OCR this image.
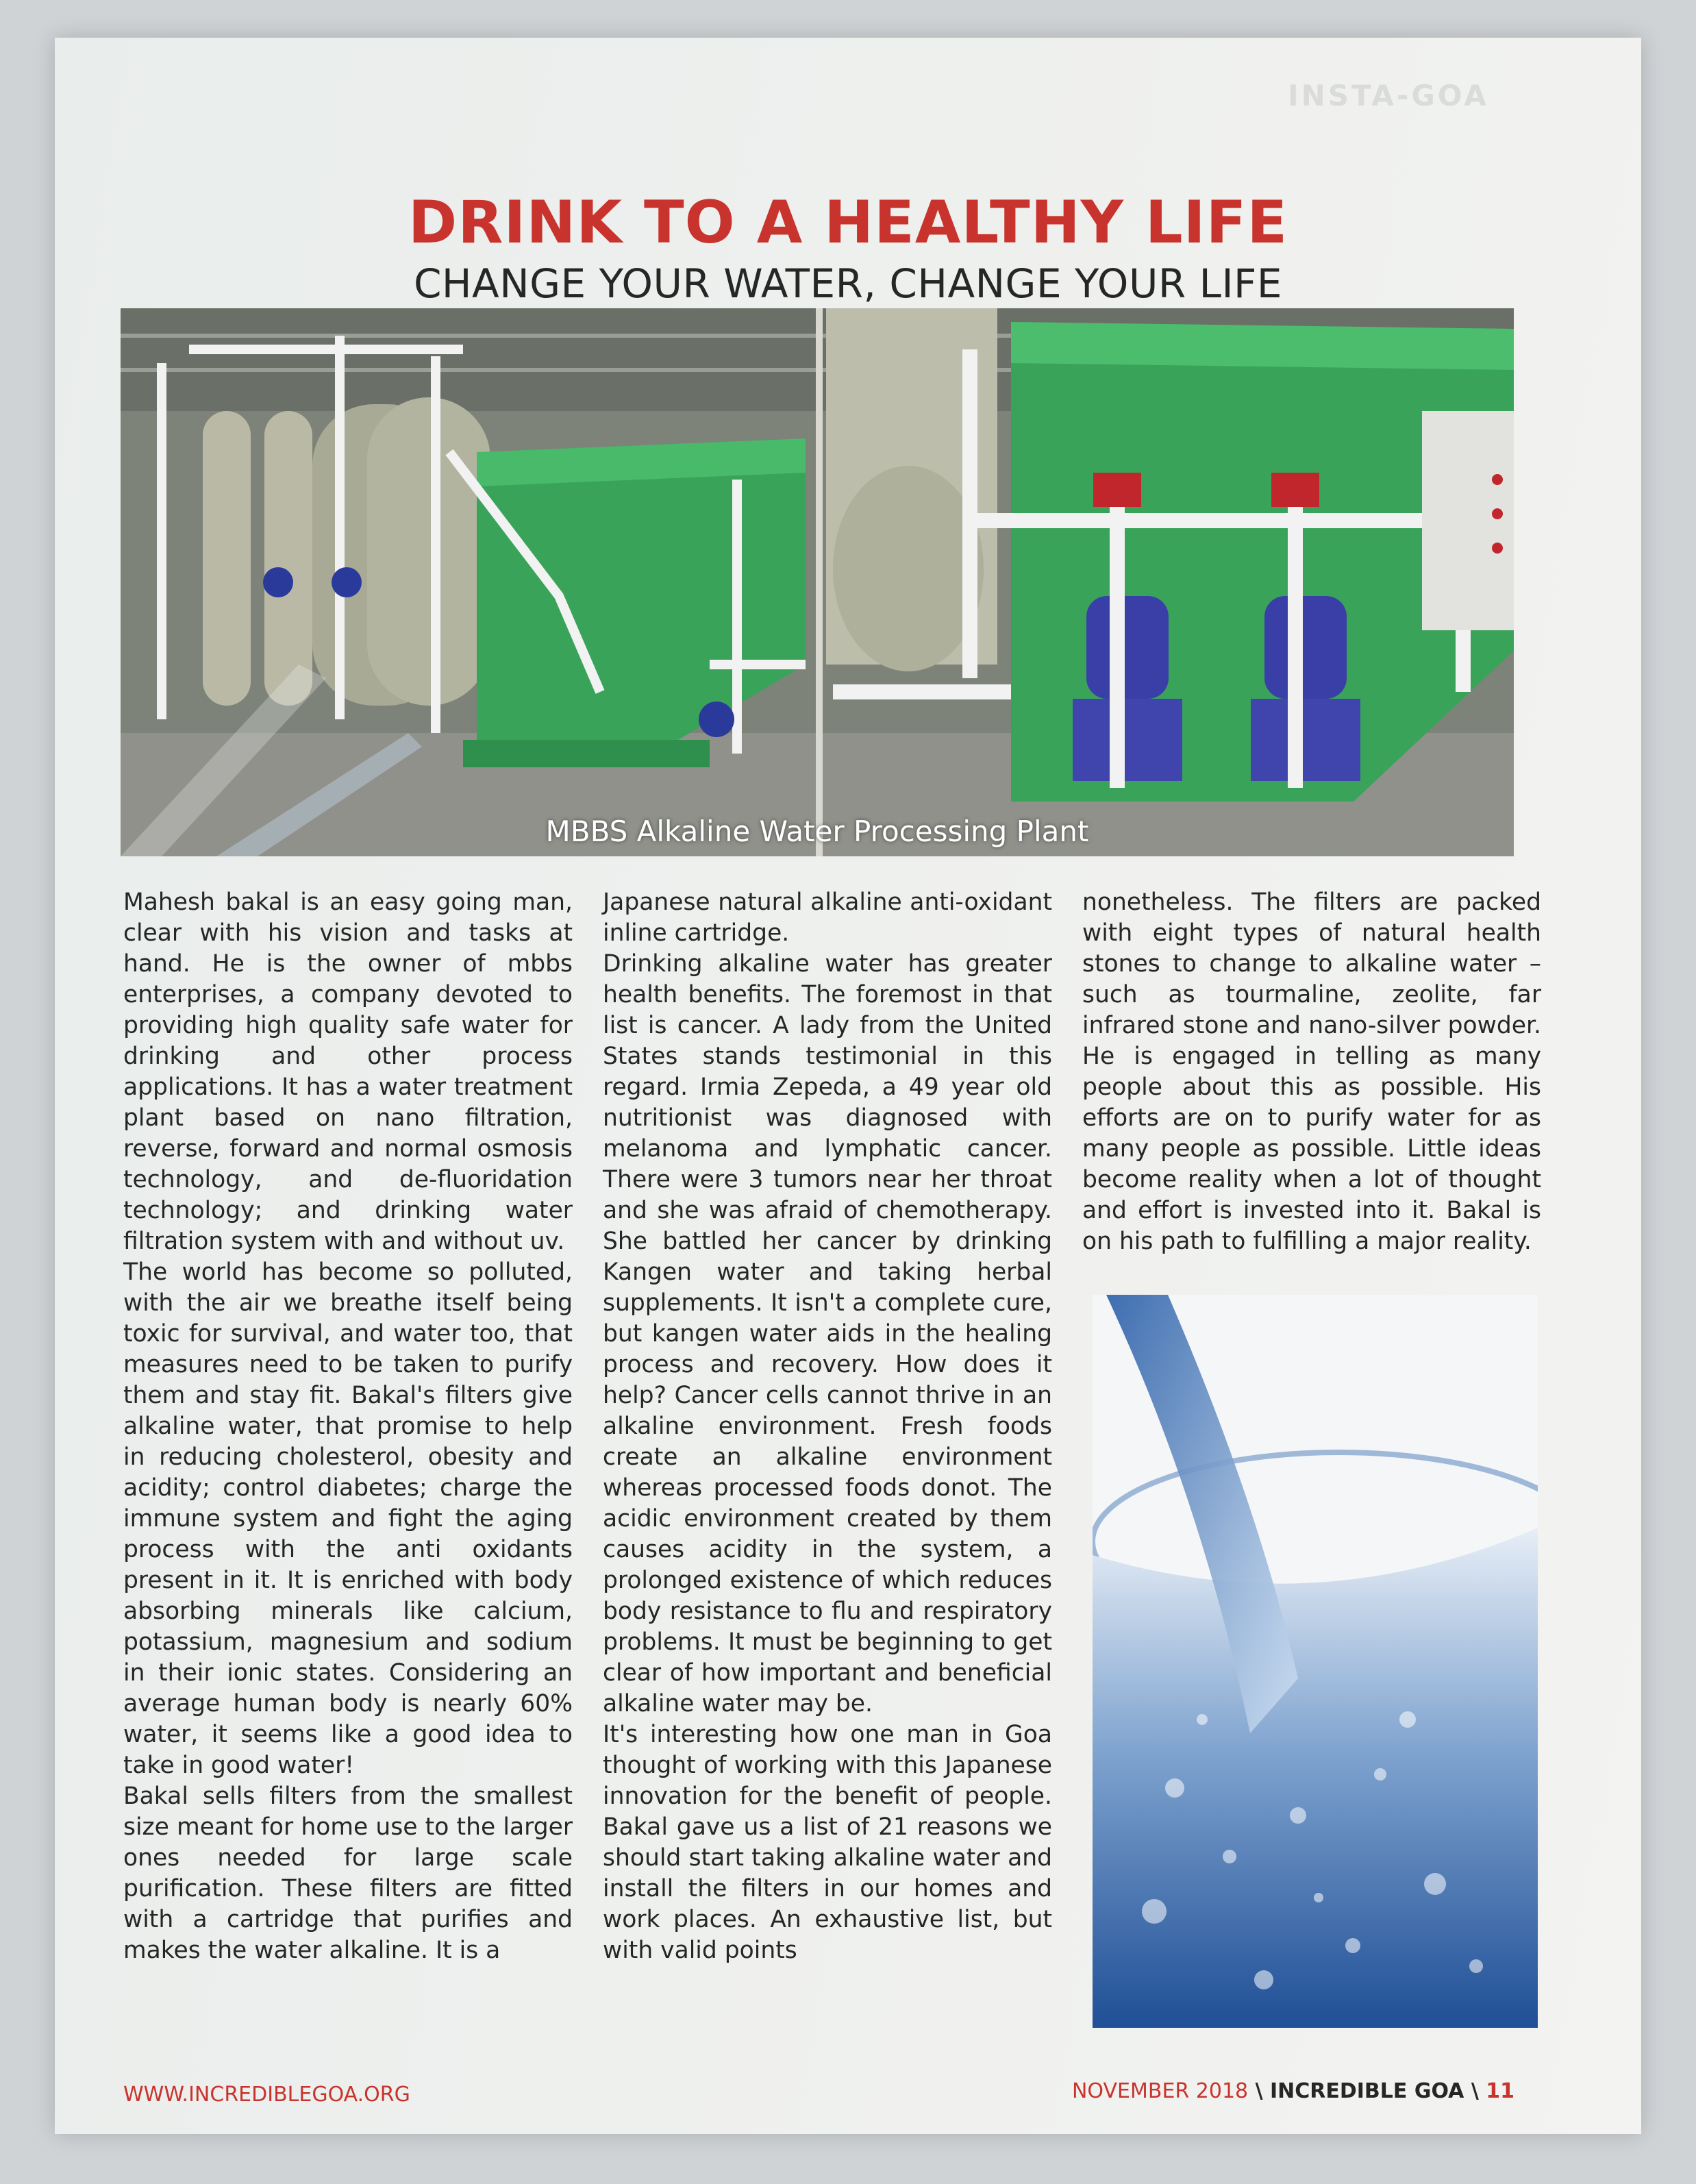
INSTA-GOA
DRINK TO A HEALTHY LIFE
CHANGE YOUR WATER, CHANGE YOUR LIFE
MBBS Alkaline Water Processing Plant

Mahesh bakal is an easy going man, clear with his vision and tasks at hand. He is the owner of mbbs enterprises, a company devoted to providing high quality safe water for drinking and other process applications. It has a water treatment plant based on nano filtration, reverse, forward and normal osmosis technology, and de-fluoridation technology; and drinking water filtration system with and without uv.

The world has become so polluted, with the air we breathe itself being toxic for survival, and water too, that measures need to be taken to purify them and stay fit. Bakal's filters give alkaline water, that promise to help in reducing cholesterol, obesity and acidity; control diabetes; charge the immune system and fight the aging process with the anti oxidants present in it. It is enriched with body absorbing minerals like calcium, potassium, magnesium and sodium in their ionic states. Considering an average human body is nearly 60% water, it seems like a good idea to take in good water!

Bakal sells filters from the smallest size meant for home use to the larger ones needed for large scale purification. These filters are fitted with a cartridge that purifies and makes the water alkaline. It is a

Japanese natural alkaline anti-oxidant inline cartridge.

Drinking alkaline water has greater health benefits. The foremost in that list is cancer. A lady from the United States stands testimonial in this regard. Irmia Zepeda, a 49 year old nutritionist was diagnosed with melanoma and lymphatic cancer. There were 3 tumors near her throat and she was afraid of chemotherapy. She battled her cancer by drinking Kangen water and taking herbal supplements. It isn't a complete cure, but kangen water aids in the healing process and recovery. How does it help? Cancer cells cannot thrive in an alkaline environment. Fresh foods create an alkaline environment whereas processed foods donot. The acidic environment created by them causes acidity in the system, a prolonged existence of which reduces body resistance to flu and respiratory problems. It must be beginning to get clear of how important and beneficial alkaline water may be.

It's interesting how one man in Goa thought of working with this Japanese innovation for the benefit of people. Bakal gave us a list of 21 reasons we should start taking alkaline water and install the filters in our homes and work places. An exhaustive list, but with valid points

nonetheless. The filters are packed with eight types of natural health stones to change to alkaline water – such as tourmaline, zeolite, far infrared stone and nano-silver powder. He is engaged in telling as many people about this as possible. His efforts are on to purify water for as many people as possible. Little ideas become reality when a lot of thought and effort is invested into it. Bakal is on his path to fulfilling a major reality.

WWW.INCREDIBLEGOA.ORG	NOVEMBER 2018 \ INCREDIBLE GOA \ 11
